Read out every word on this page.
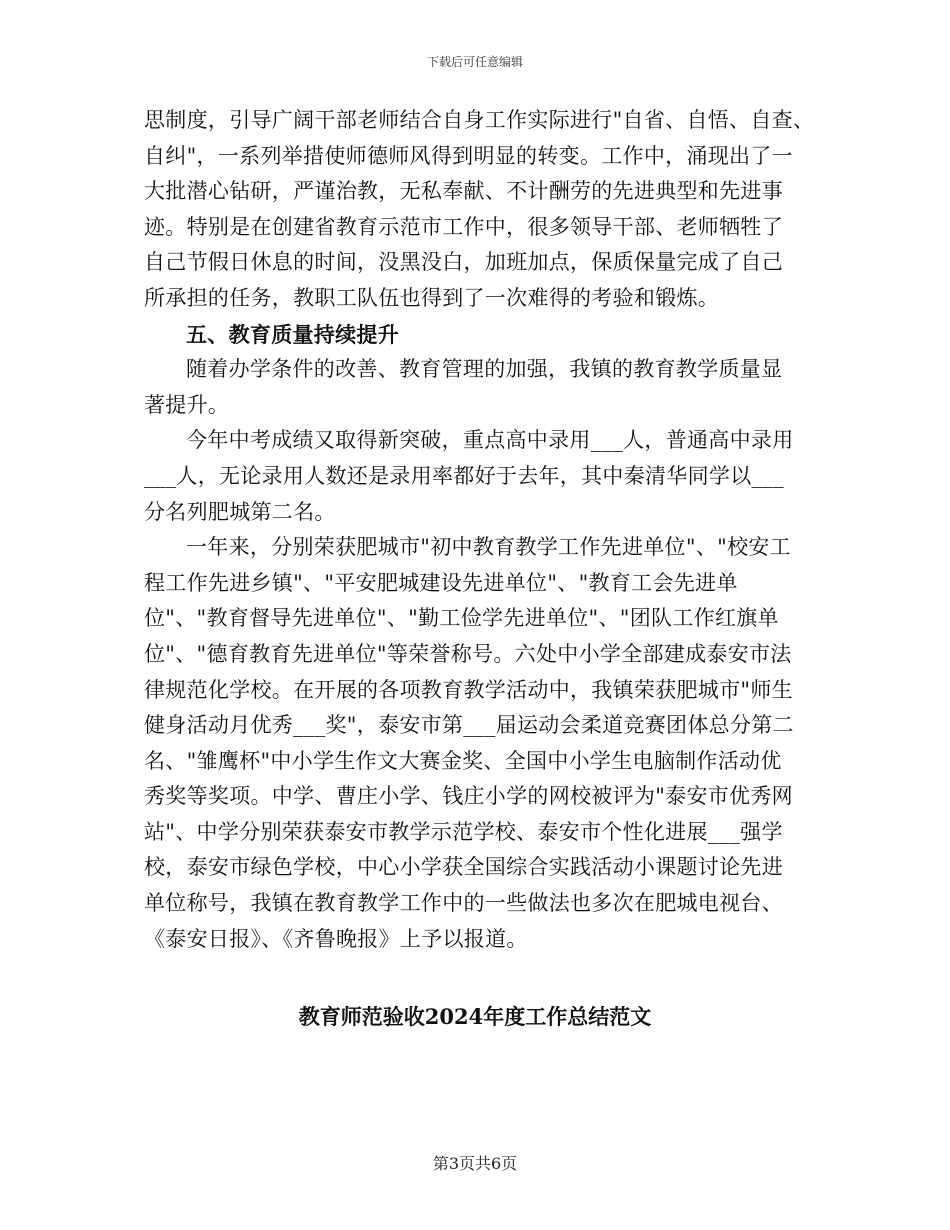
下载后可任意编辑
思制度，引导广阔干部老师结合自身工作实际进行"自省、自悟、自查、
自纠"，一系列举措使师德师风得到明显的转变。工作中，涌现出了一
大批潜心钻研，严谨治教，无私奉献、不计酬劳的先进典型和先进事
迹。特别是在创建省教育示范市工作中，很多领导干部、老师牺牲了
自己节假日休息的时间，没黑没白，加班加点，保质保量完成了自己
所承担的任务，教职工队伍也得到了一次难得的考验和锻炼。
五、教育质量持续提升
随着办学条件的改善、教育管理的加强，我镇的教育教学质量显
著提升。
今年中考成绩又取得新突破，重点高中录用___人，普通高中录用
___人，无论录用人数还是录用率都好于去年，其中秦清华同学以___
分名列肥城第二名。
一年来，分别荣获肥城市"初中教育教学工作先进单位"、"校安工
程工作先进乡镇"、"平安肥城建设先进单位"、"教育工会先进单
位"、"教育督导先进单位"、"勤工俭学先进单位"、"团队工作红旗单
位"、"德育教育先进单位"等荣誉称号。六处中小学全部建成泰安市法
律规范化学校。在开展的各项教育教学活动中，我镇荣获肥城市"师生
健身活动月优秀___奖"，泰安市第___届运动会柔道竞赛团体总分第二
名、"雏鹰杯"中小学生作文大赛金奖、全国中小学生电脑制作活动优
秀奖等奖项。中学、曹庄小学、钱庄小学的网校被评为"泰安市优秀网
站"、中学分别荣获泰安市教学示范学校、泰安市个性化进展___强学
校，泰安市绿色学校，中心小学获全国综合实践活动小课题讨论先进
单位称号，我镇在教育教学工作中的一些做法也多次在肥城电视台、
《泰安日报》、《齐鲁晚报》上予以报道。
教育师范验收2024年度工作总结范文
第3页共6页
